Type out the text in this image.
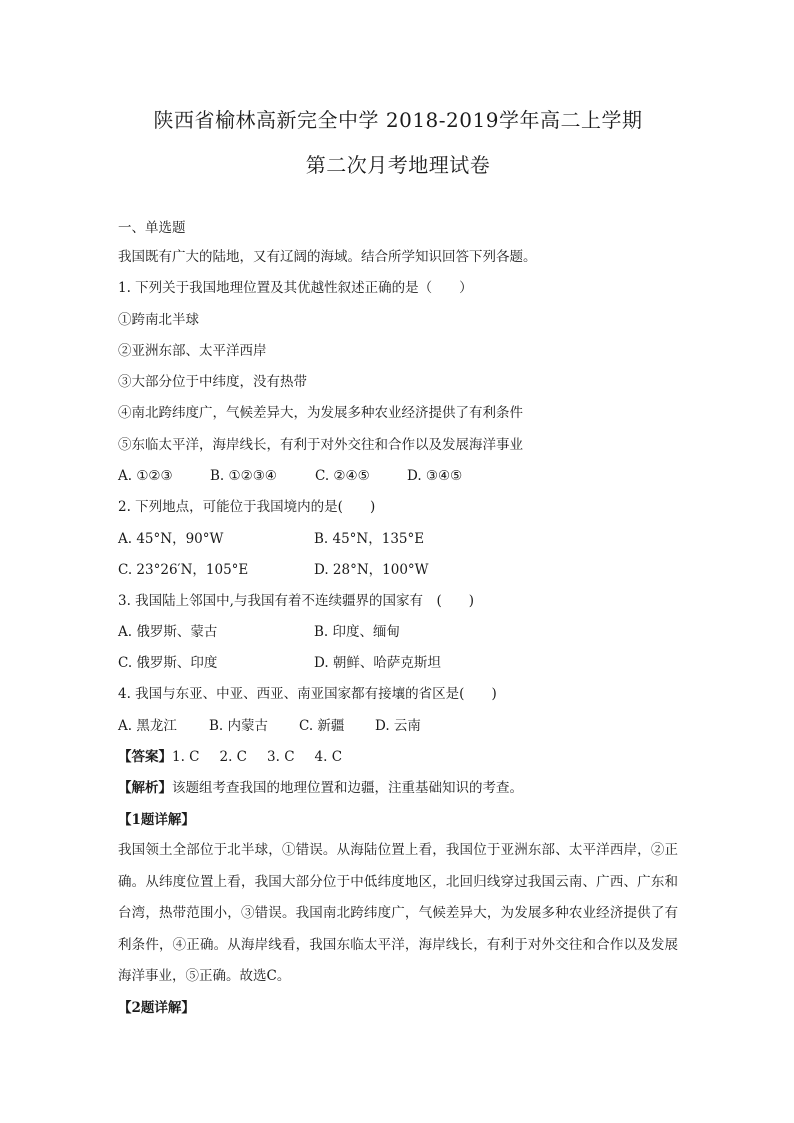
陕西省榆林高新完全中学 2018-2019学年高二上学期
第二次月考地理试卷
一、单选题
我国既有广大的陆地，又有辽阔的海域。结合所学知识回答下列各题。
1. 下列关于我国地理位置及其优越性叙述正确的是（　　）
①跨南北半球
②亚洲东部、太平洋西岸
③大部分位于中纬度，没有热带
④南北跨纬度广，气候差异大，为发展多种农业经济提供了有利条件
⑤东临太平洋，海岸线长，有利于对外交往和合作以及发展海洋事业
A. ①②③	B. ①②③④	C. ②④⑤	D. ③④⑤
2. 下列地点，可能位于我国境内的是(　　)
A. 45°N，90°W	B. 45°N，135°E
C. 23°26′N，105°E	D. 28°N，100°W
3. 我国陆上邻国中,与我国有着不连续疆界的国家有　(　　)
A. 俄罗斯、蒙古	B. 印度、缅甸
C. 俄罗斯、印度	D. 朝鲜、哈萨克斯坦
4. 我国与东亚、中亚、西亚、南亚国家都有接壤的省区是(　　)
A. 黑龙江 B. 内蒙古 C. 新疆 D. 云南
【答案】1. C 2. C 3. C 4. C
【解析】该题组考查我国的地理位置和边疆，注重基础知识的考查。
【1题详解】
我国领土全部位于北半球，①错误。从海陆位置上看，我国位于亚洲东部、太平洋西岸，②正确。从纬度位置上看，我国大部分位于中低纬度地区，北回归线穿过我国云南、广西、广东和台湾，热带范围小，③错误。我国南北跨纬度广，气候差异大，为发展多种农业经济提供了有利条件，④正确。从海岸线看，我国东临太平洋，海岸线长，有利于对外交往和合作以及发展海洋事业，⑤正确。故选C。
【2题详解】
